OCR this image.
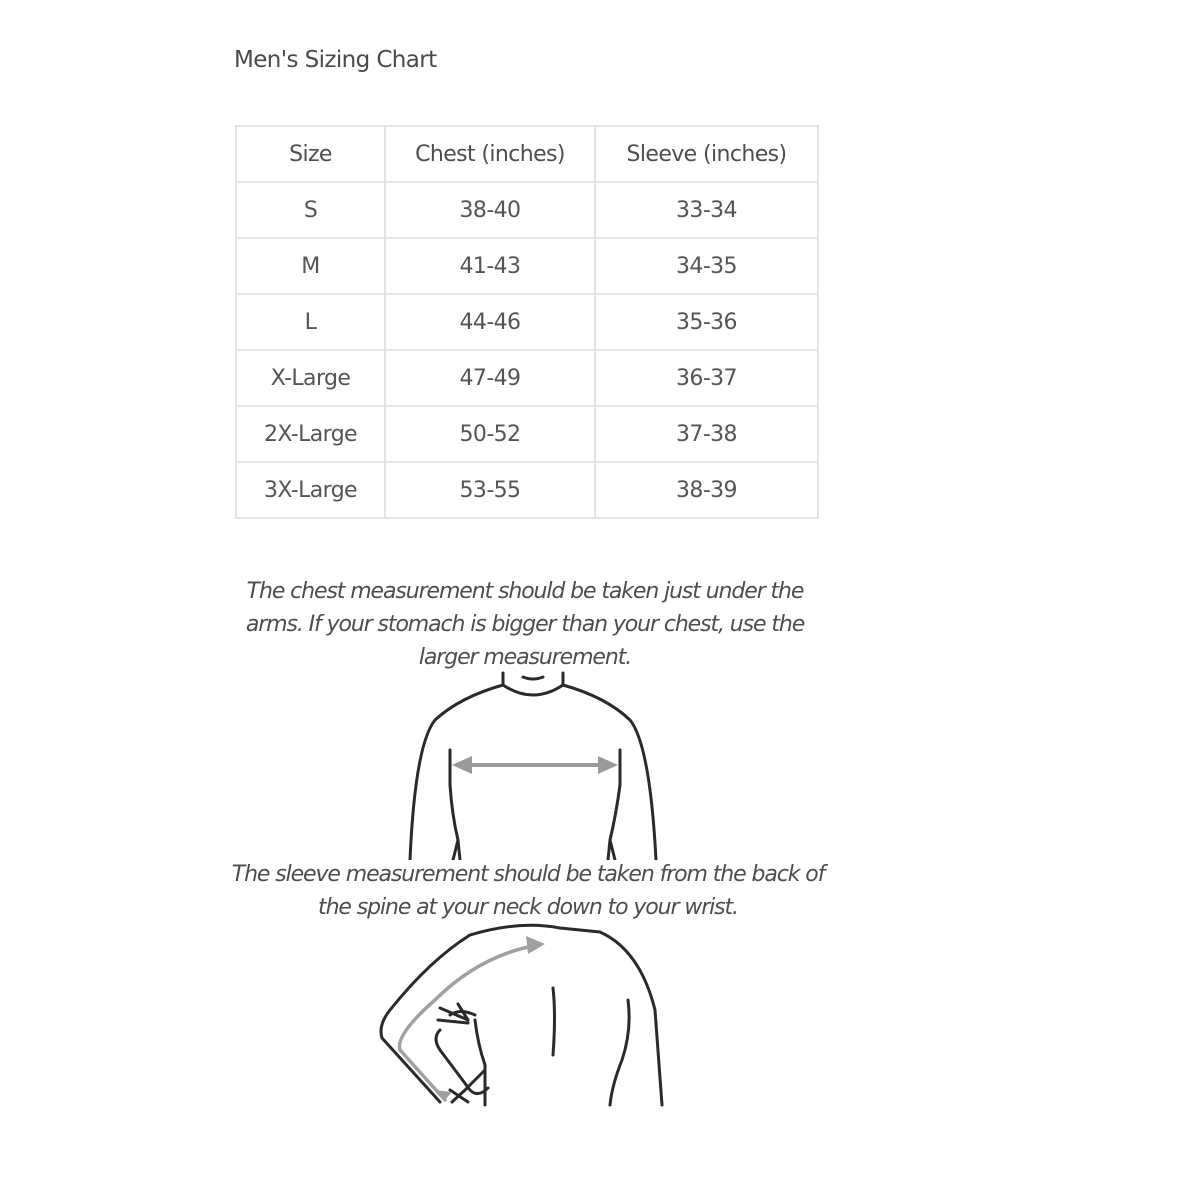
Men's Sizing Chart
Size	Chest (inches)	Sleeve (inches)
S	38-40	33-34
M	41-43	34-35
L	44-46	35-36
X-Large	47-49	36-37
2X-Large	50-52	37-38
3X-Large	53-55	38-39
The chest measurement should be taken just under the arms. If your stomach is bigger than your chest, use the larger measurement.
The sleeve measurement should be taken from the back of the spine at your neck down to your wrist.
